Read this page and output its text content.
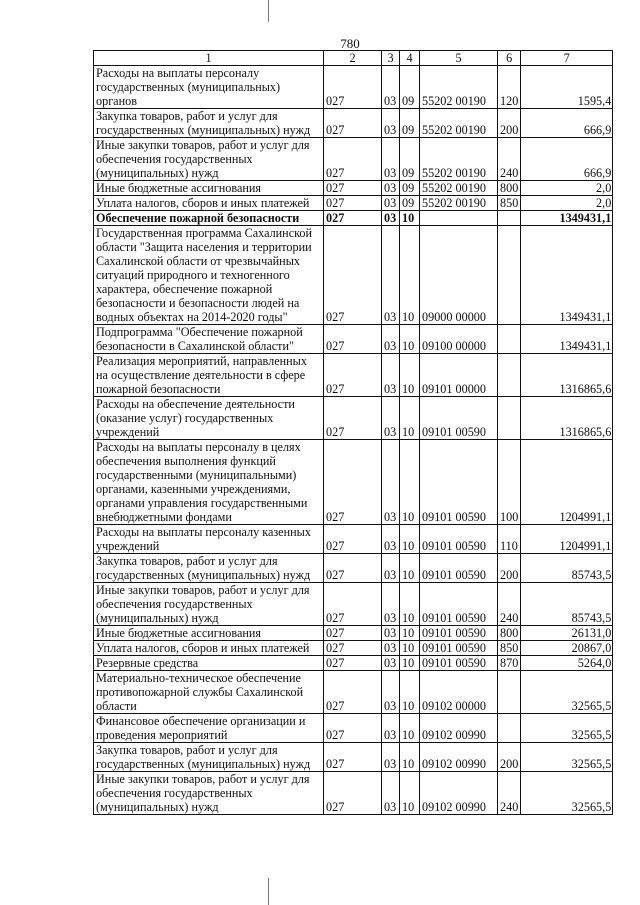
780
1	2	3	4	5	6	7
Расходы на выплаты персоналу государственных (муниципальных) органов	027	03	09	55202 00190	120	1595,4
Закупка товаров, работ и услуг для государственных (муниципальных) нужд	027	03	09	55202 00190	200	666,9
Иные закупки товаров, работ и услуг для обеспечения государственных (муниципальных) нужд	027	03	09	55202 00190	240	666,9
Иные бюджетные ассигнования	027	03	09	55202 00190	800	2,0
Уплата налогов, сборов и иных платежей	027	03	09	55202 00190	850	2,0
Обеспечение пожарной безопасности	027	03	10			1349431,1
Государственная программа Сахалинской области "Защита населения и территории Сахалинской области от чрезвычайных ситуаций природного и техногенного характера, обеспечение пожарной безопасности и безопасности людей на водных объектах на 2014-2020 годы"	027	03	10	09000 00000		1349431,1
Подпрограмма "Обеспечение пожарной безопасности в Сахалинской области"	027	03	10	09100 00000		1349431,1
Реализация мероприятий, направленных на осуществление деятельности в сфере пожарной безопасности	027	03	10	09101 00000		1316865,6
Расходы на обеспечение деятельности (оказание услуг) государственных учреждений	027	03	10	09101 00590		1316865,6
Расходы на выплаты персоналу в целях обеспечения выполнения функций государственными (муниципальными) органами, казенными учреждениями, органами управления государственными внебюджетными фондами	027	03	10	09101 00590	100	1204991,1
Расходы на выплаты персоналу казенных учреждений	027	03	10	09101 00590	110	1204991,1
Закупка товаров, работ и услуг для государственных (муниципальных) нужд	027	03	10	09101 00590	200	85743,5
Иные закупки товаров, работ и услуг для обеспечения государственных (муниципальных) нужд	027	03	10	09101 00590	240	85743,5
Иные бюджетные ассигнования	027	03	10	09101 00590	800	26131,0
Уплата налогов, сборов и иных платежей	027	03	10	09101 00590	850	20867,0
Резервные средства	027	03	10	09101 00590	870	5264,0
Материально-техническое обеспечение противопожарной службы Сахалинской области	027	03	10	09102 00000		32565,5
Финансовое обеспечение организации и проведения мероприятий	027	03	10	09102 00990		32565,5
Закупка товаров, работ и услуг для государственных (муниципальных) нужд	027	03	10	09102 00990	200	32565,5
Иные закупки товаров, работ и услуг для обеспечения государственных (муниципальных) нужд	027	03	10	09102 00990	240	32565,5
